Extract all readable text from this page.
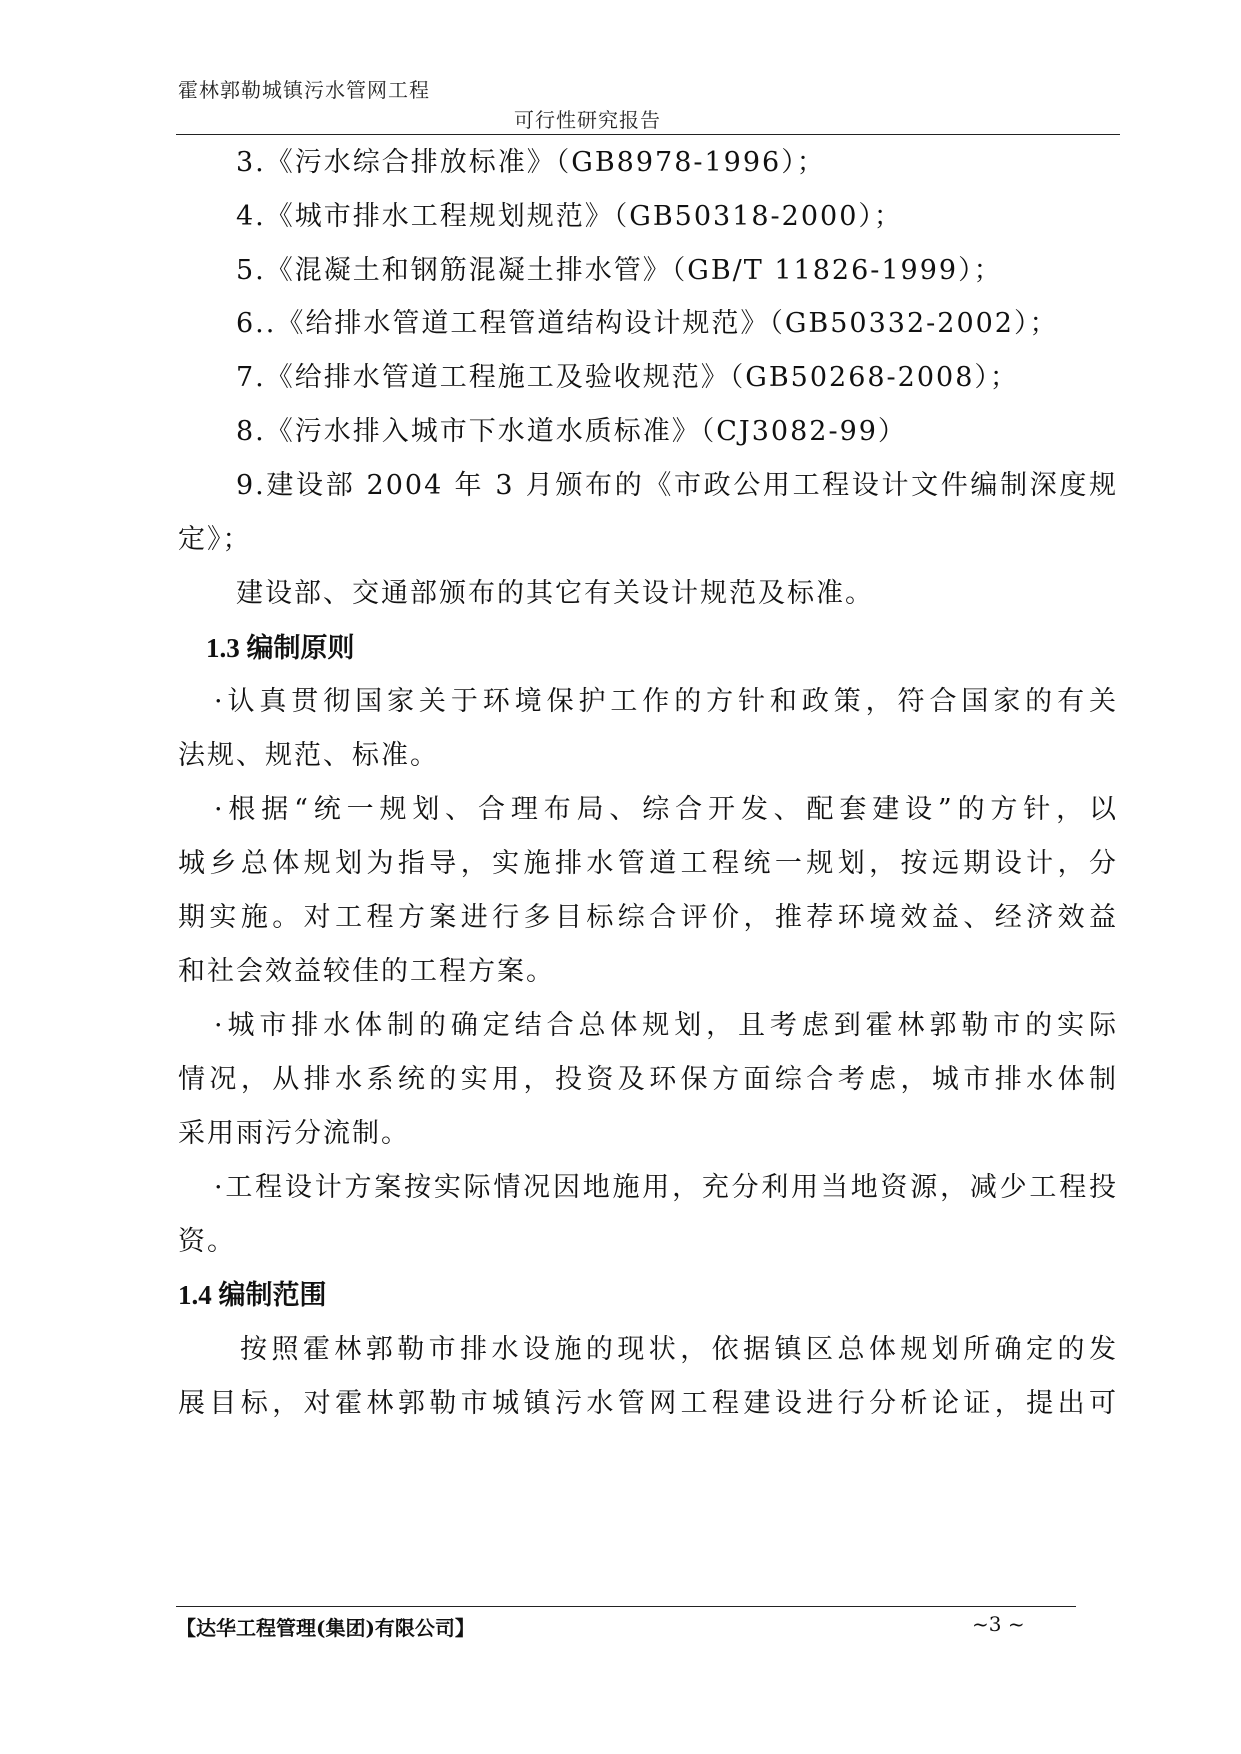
霍林郭勒城镇污水管网工程
可行性研究报告
3.《污水综合排放标准》（GB8978-1996）；
4.《城市排水工程规划规范》（GB50318-2000）；
5.《混凝土和钢筋混凝土排水管》（GB/T 11826-1999）；
6..《给排水管道工程管道结构设计规范》（GB50332-2002）；
7.《给排水管道工程施工及验收规范》（GB50268-2008）；
8.《污水排入城市下水道水质标准》（CJ3082-99）
9.建设部 2004 年 3 月颁布的《市政公用工程设计文件编制深度规
定》；
建设部、交通部颁布的其它有关设计规范及标准。
1.3 编制原则
·认真贯彻国家关于环境保护工作的方针和政策，符合国家的有关
法规、规范、标准。
·根据“统一规划、合理布局、综合开发、配套建设”的方针，以
城乡总体规划为指导，实施排水管道工程统一规划，按远期设计，分
期实施。对工程方案进行多目标综合评价，推荐环境效益、经济效益
和社会效益较佳的工程方案。
·城市排水体制的确定结合总体规划，且考虑到霍林郭勒市的实际
情况，从排水系统的实用，投资及环保方面综合考虑，城市排水体制
采用雨污分流制。
·工程设计方案按实际情况因地施用，充分利用当地资源，减少工程投
资。
1.4 编制范围
按照霍林郭勒市排水设施的现状，依据镇区总体规划所确定的发
展目标，对霍林郭勒市城镇污水管网工程建设进行分析论证，提出可
【达华工程管理(集团)有限公司】	~3 ~
